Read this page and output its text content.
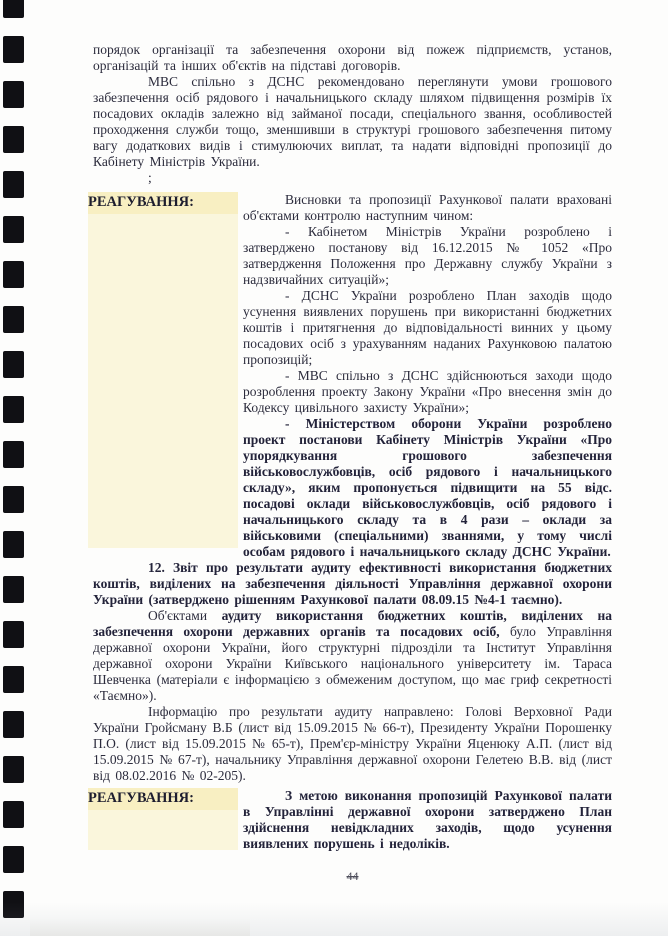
порядок організації та забезпечення охорони від пожеж підприємств, установ, організацій та інших об'єктів на підставі договорів.

МВС спільно з ДСНС рекомендовано переглянути умови грошового забезпечення осіб рядового і начальницького складу шляхом підвищення розмірів їх посадових окладів залежно від займаної посади, спеціального звання, особливостей проходження служби тощо, зменшивши в структурі грошового забезпечення питому вагу додаткових видів і стимулюючих виплат, та надати відповідні пропозиції до Кабінету Міністрів України.

;

РЕАГУВАННЯ:	Висновки та пропозиції Рахункової палати враховані об'єктами контролю наступним чином:

- Кабінетом Міністрів України розроблено і затверджено постанову від 16.12.2015 № 1052 «Про затвердження Положення про Державну службу України з надзвичайних ситуацій»;

- ДСНС України розроблено План заходів щодо усунення виявлених порушень при використанні бюджетних коштів і притягнення до відповідальності винних у цьому посадових осіб з урахуванням наданих Рахунковою палатою пропозицій;

- МВС спільно з ДСНС здійснюються заходи щодо розроблення проекту Закону України «Про внесення змін до Кодексу цивільного захисту України»;

- Міністерством оборони України розроблено проект постанови Кабінету Міністрів України «Про упорядкування грошового забезпечення військовослужбовців, осіб рядового і начальницького складу», яким пропонується підвищити на 55 відс. посадові оклади військовослужбовців, осіб рядового і начальницького складу та в 4 рази – оклади за військовими (спеціальними) званнями, у тому числі особам рядового і начальницького складу ДСНС України.

12. Звіт про результати аудиту ефективності використання бюджетних коштів, виділених на забезпечення діяльності Управління державної охорони України (затверджено рішенням Рахункової палати 08.09.15 №4-1 таємно).

Об'єктами аудиту використання бюджетних коштів, виділених на забезпечення охорони державних органів та посадових осіб, було Управління державної охорони України, його структурні підрозділи та Інститут Управління державної охорони України Київського національного університету ім. Тараса Шевченка (матеріали є інформацією з обмеженим доступом, що має гриф секретності «Таємно»).

Інформацію про результати аудиту направлено: Голові Верховної Ради України Гройсману В.Б (лист від 15.09.2015 № 66-т), Президенту України Порошенку П.О. (лист від 15.09.2015 № 65-т), Прем'єр-міністру України Яценюку А.П. (лист від 15.09.2015 № 67-т), начальнику Управління державної охорони Гелетею В.В. від (лист від 08.02.2016 № 02-205).

РЕАГУВАННЯ:	З метою виконання пропозицій Рахункової палати в Управлінні державної охорони затверджено План здійснення невідкладних заходів, щодо усунення виявлених порушень і недоліків.

44
